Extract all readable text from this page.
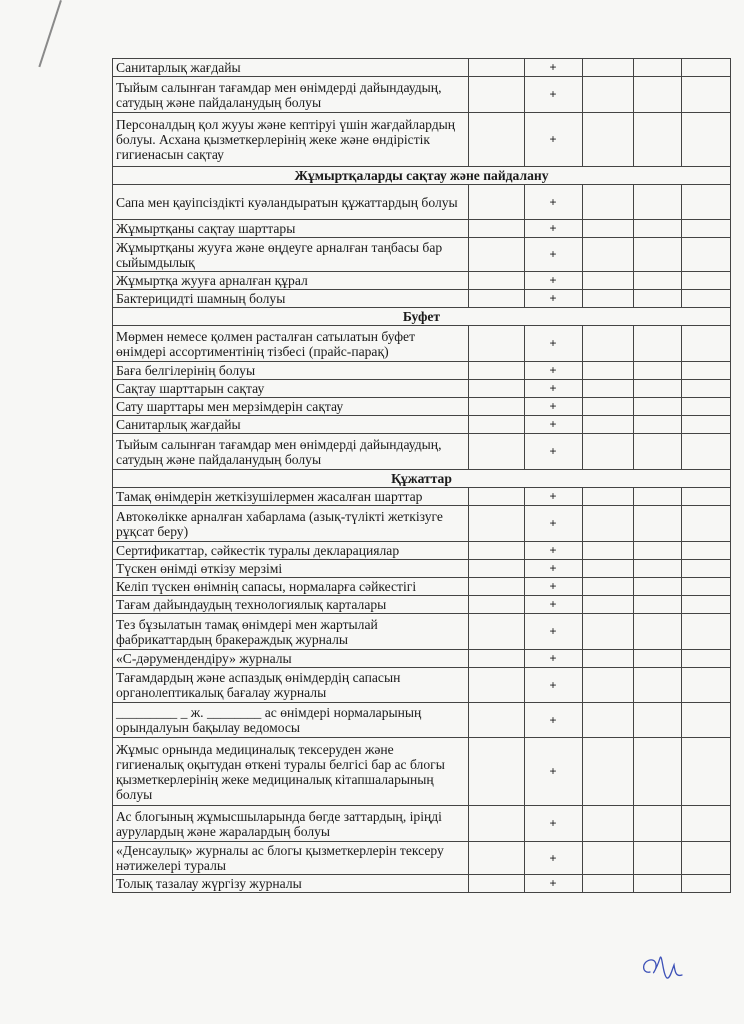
Санитарлық жағдайы		+			
Тыйым салынған тағамдар мен өнімдерді дайындаудың, сатудың және пайдаланудың болуы		+			
Персоналдың қол жууы және кептіруі үшін жағдайлардың болуы. Асхана қызметкерлерінің жеке және өндірістік гигиенасын сақтау		+			
Жұмыртқаларды сақтау және пайдалану					
Сапа мен қауіпсіздікті куәландыратын құжаттардың болуы		+			
Жұмыртқаны сақтау шарттары		+			
Жұмыртқаны жууға және өңдеуге арналған таңбасы бар сыйымдылық		+			
Жұмыртқа жууға арналған құрал		+			
Бактерицидті шамның болуы		+			
Буфет					
Мөрмен немесе қолмен расталған сатылатын буфет өнімдері ассортиментінің тізбесі (прайс-парақ)		+			
Баға белгілерінің болуы		+			
Сақтау шарттарын сақтау		+			
Сату шарттары мен мерзімдерін сақтау		+			
Санитарлық жағдайы		+			
Тыйым салынған тағамдар мен өнімдерді дайындаудың, сатудың және пайдаланудың болуы		+			
Құжаттар					
Тамақ өнімдерін жеткізушілермен жасалған шарттар		+			
Автокөлікке арналған хабарлама (азық-түлікті жеткізуге рұқсат беру)		+			
Сертификаттар, сәйкестік туралы декларациялар		+			
Түскен өнімді өткізу мерзімі		+			
Келіп түскен өнімнің сапасы, нормаларға сәйкестігі		+			
Тағам дайындаудың технологиялық карталары		+			
Тез бұзылатын тамақ өнімдері мен жартылай фабрикаттардың бракераждық журналы		+			
«С-дәрумендендіру» журналы		+			
Тағамдардың және аспаздық өнімдердің сапасын органолептикалық бағалау журналы		+			
_________ _ ж. ________ ас өнімдері нормаларының орындалуын бақылау ведомосы		+			
Жұмыс орнында медициналық тексеруден және гигиеналық оқытудан өткені туралы белгісі бар ас блогы қызметкерлерінің жеке медициналық кітапшаларының болуы		+			
Ас блогының жұмысшыларында бөгде заттардың, іріңді аурулардың және жаралардың болуы		+			
«Денсаулық» журналы ас блогы қызметкерлерін тексеру нәтижелері туралы		+			
Толық тазалау жүргізу журналы		+			
